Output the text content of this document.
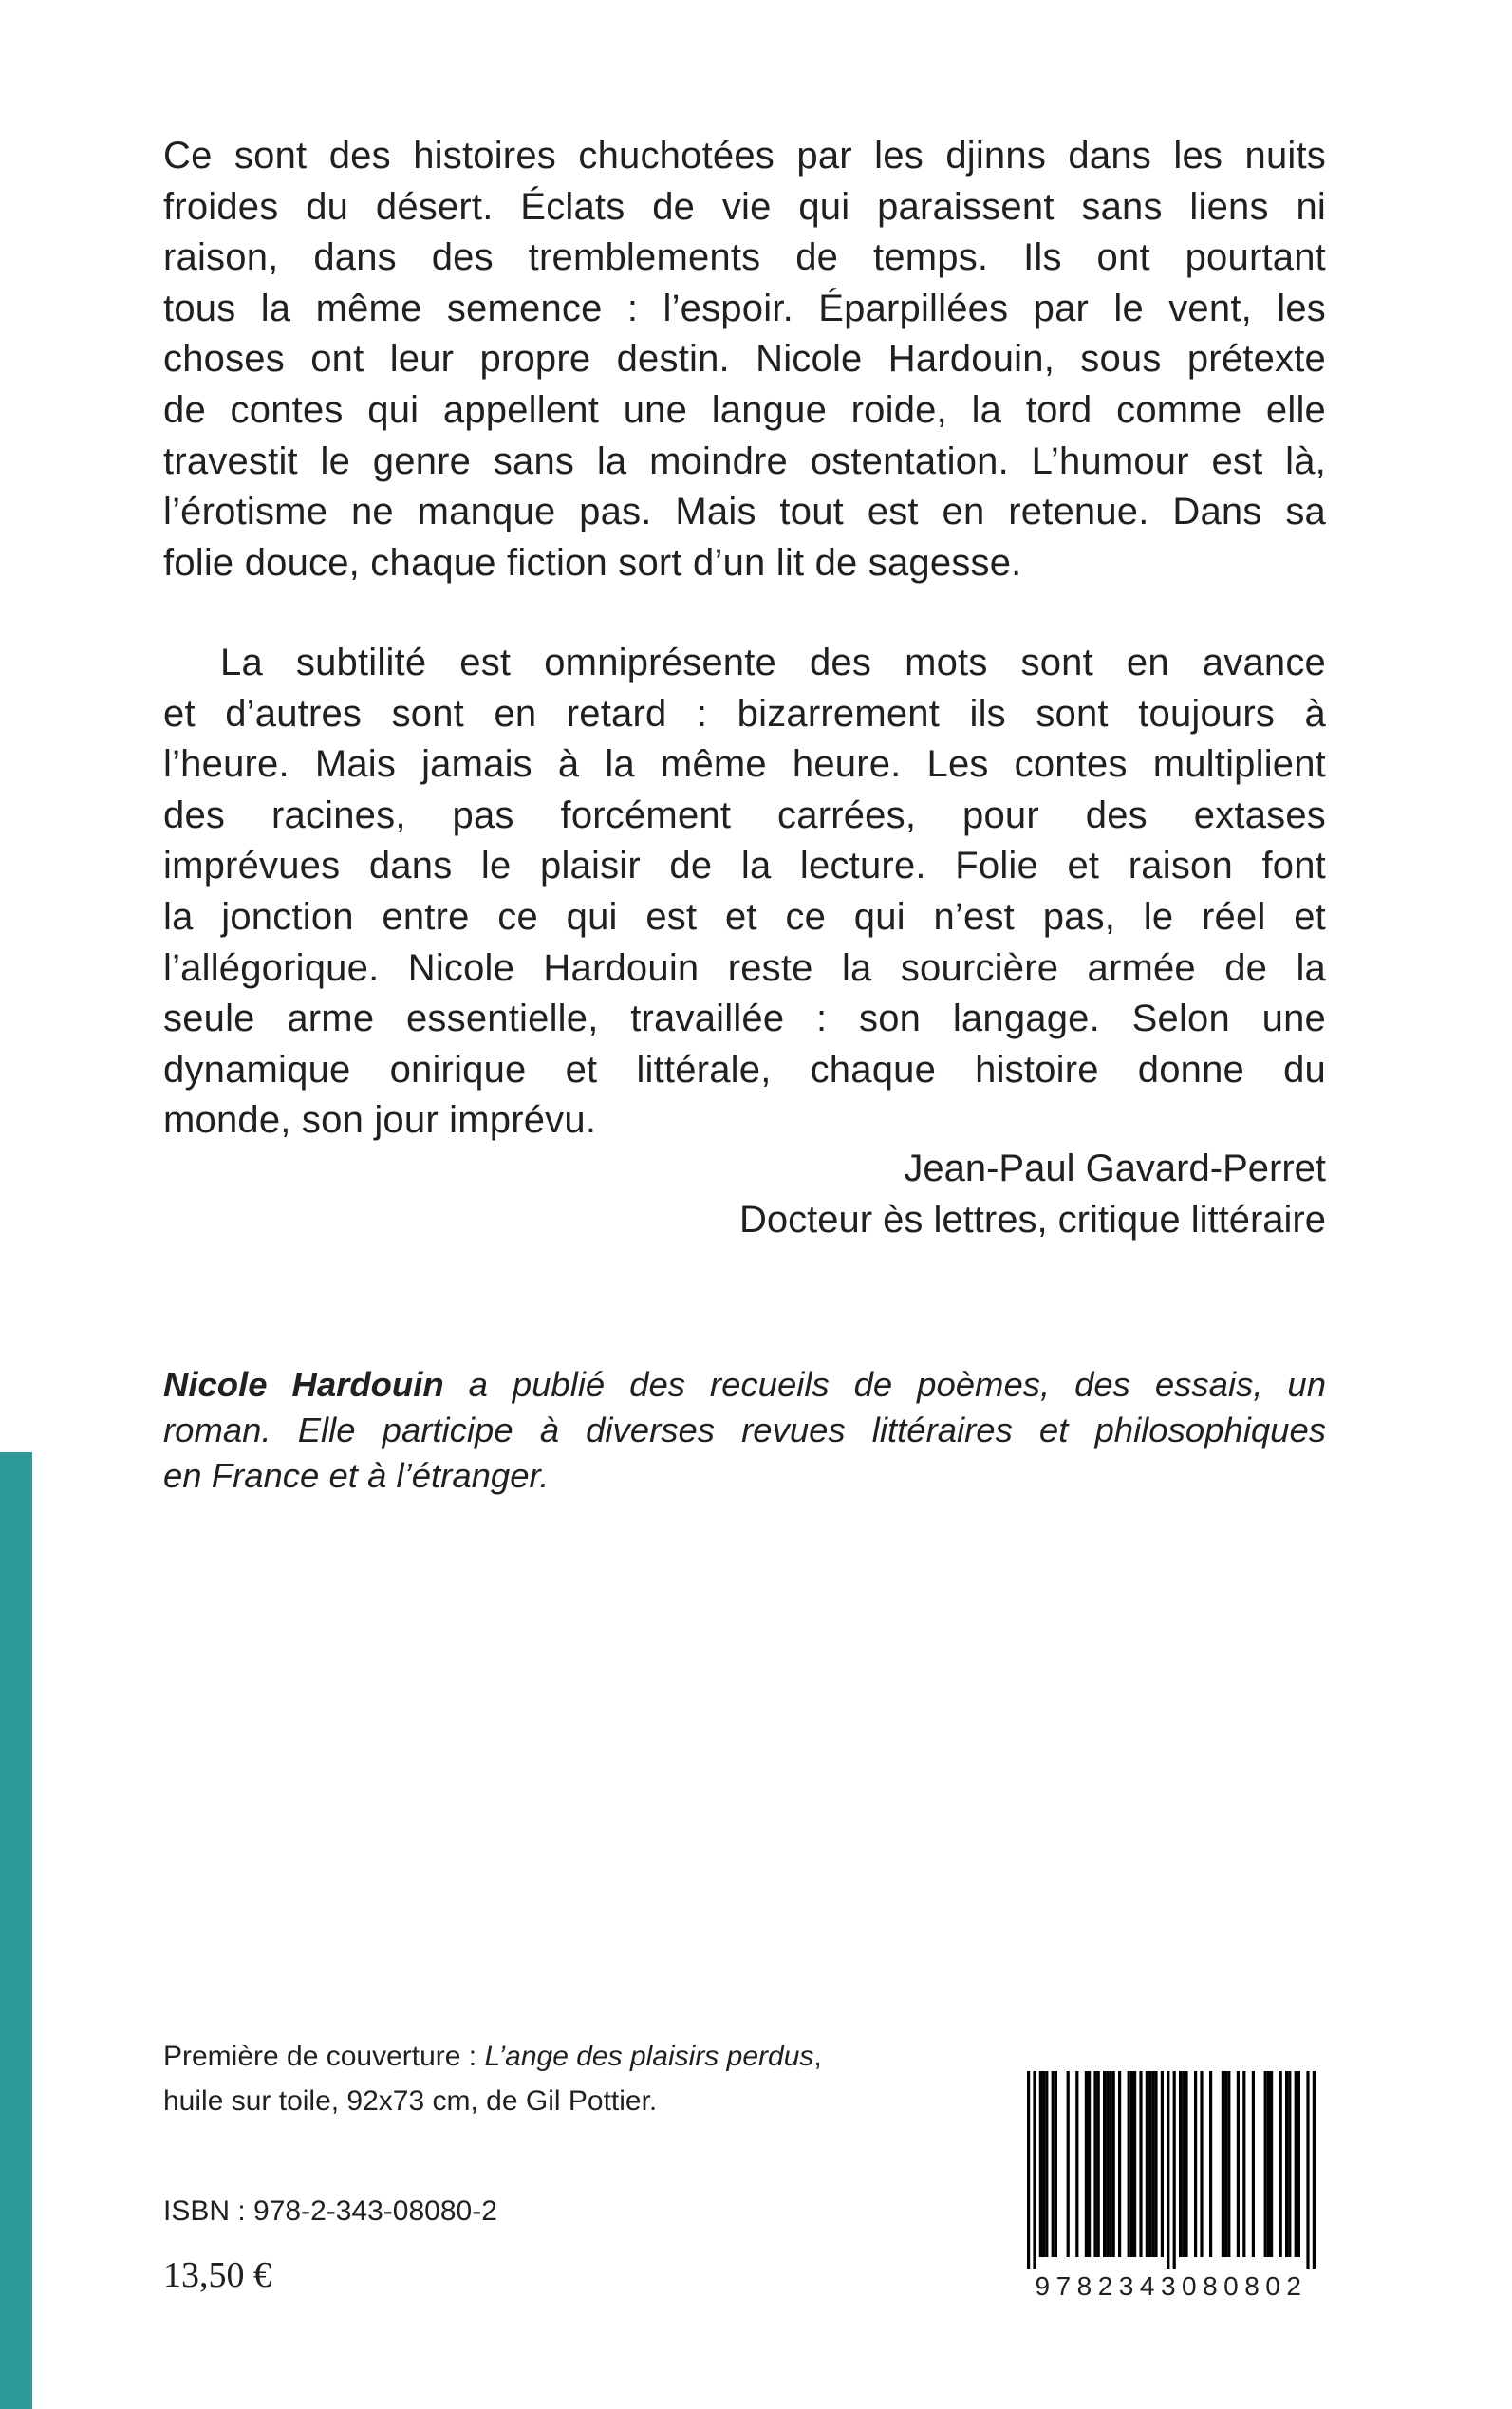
Ce sont des histoires chuchotées par les djinns dans les nuits
froides du désert. Éclats de vie qui paraissent sans liens ni
raison, dans des tremblements de temps. Ils ont pourtant
tous la même semence : l’espoir. Éparpillées par le vent, les
choses ont leur propre destin. Nicole Hardouin, sous prétexte
de contes qui appellent une langue roide, la tord comme elle
travestit le genre sans la moindre ostentation. L’humour est là,
l’érotisme ne manque pas. Mais tout est en retenue. Dans sa
folie douce, chaque fiction sort d’un lit de sagesse.
La subtilité est omniprésente des mots sont en avance
et d’autres sont en retard : bizarrement ils sont toujours à
l’heure. Mais jamais à la même heure. Les contes multiplient
des racines, pas forcément carrées, pour des extases
imprévues dans le plaisir de la lecture. Folie et raison font
la jonction entre ce qui est et ce qui n’est pas, le réel et
l’allégorique. Nicole Hardouin reste la sourcière armée de la
seule arme essentielle, travaillée : son langage. Selon une
dynamique onirique et littérale, chaque histoire donne du
monde, son jour imprévu.
Jean-Paul Gavard-Perret
Docteur ès lettres, critique littéraire
Nicole Hardouin a publié des recueils de poèmes, des essais, un
roman. Elle participe à diverses revues littéraires et philosophiques
en France et à l’étranger.
Première de couverture : L’ange des plaisirs perdus,
huile sur toile, 92x73 cm, de Gil Pottier.
ISBN : 978-2-343-08080-2
13,50 €	9782343080802
